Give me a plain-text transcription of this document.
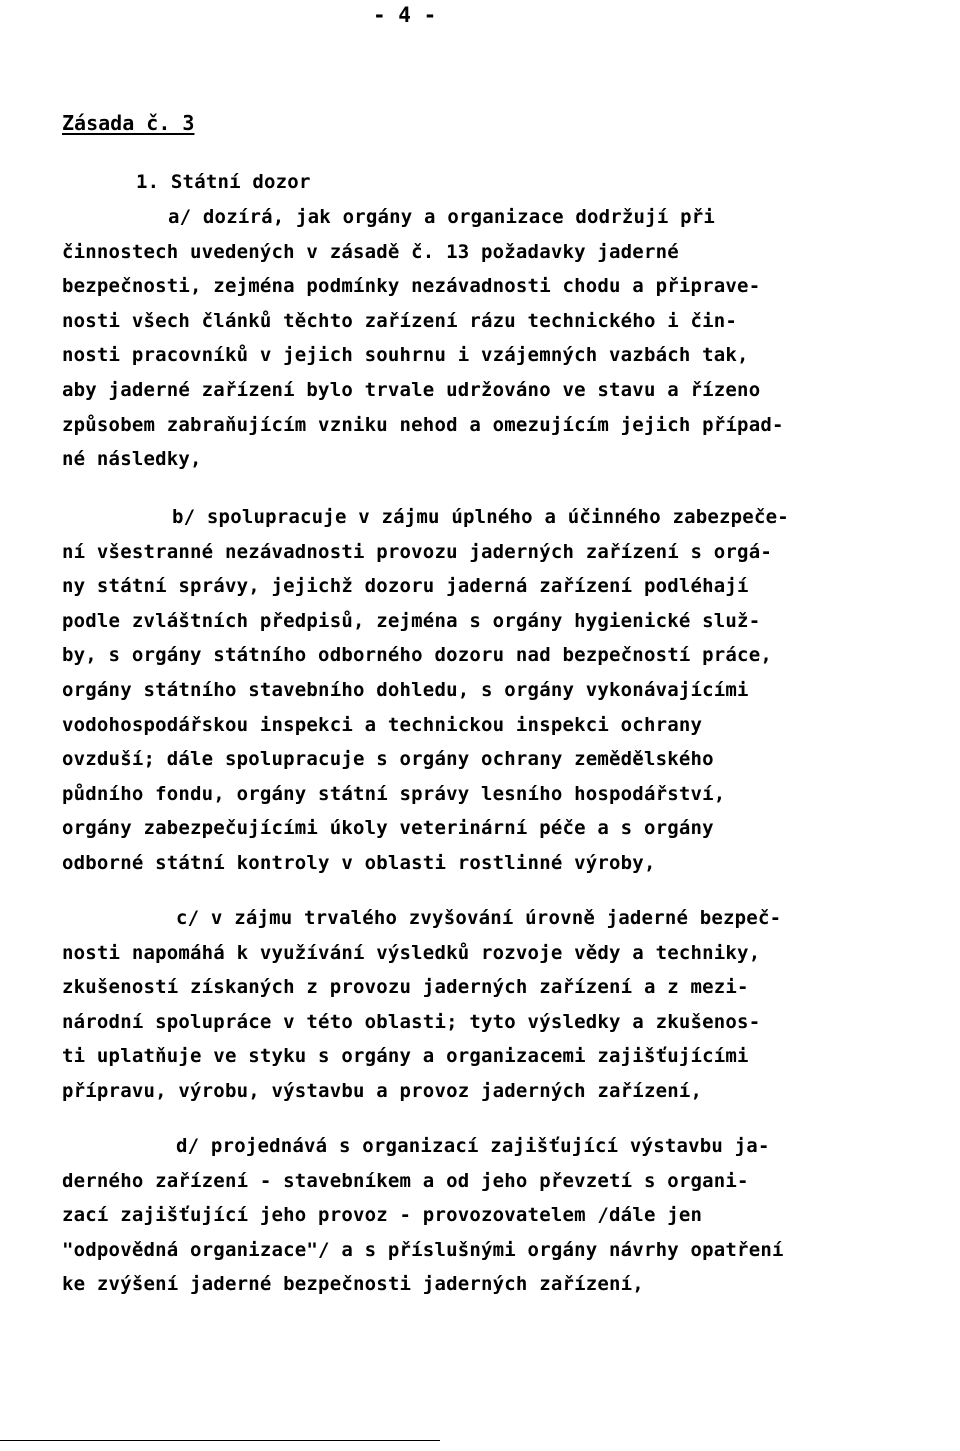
- 4 -
Zásada č. 3
1. Státní dozor
a/ dozírá, jak orgány a organizace dodržují při
činnostech uvedených v zásadě č. 13 požadavky jaderné
bezpečnosti, zejména podmínky nezávadnosti chodu a připrave-
nosti všech článků těchto zařízení rázu technického i čin-
nosti pracovníků v jejich souhrnu i vzájemných vazbách tak,
aby jaderné zařízení bylo trvale udržováno ve stavu a řízeno
způsobem zabraňujícím vzniku nehod a omezujícím jejich případ-
né následky,
b/ spolupracuje v zájmu úplného a účinného zabezpeče-
ní všestranné nezávadnosti provozu jaderných zařízení s orgá-
ny státní správy, jejichž dozoru jaderná zařízení podléhají
podle zvláštních předpisů, zejména s orgány hygienické služ-
by, s orgány státního odborného dozoru nad bezpečností práce,
orgány státního stavebního dohledu, s orgány vykonávajícími
vodohospodářskou inspekci a technickou inspekci ochrany
ovzduší; dále spolupracuje s orgány ochrany zemědělského
půdního fondu, orgány státní správy lesního hospodářství,
orgány zabezpečujícími úkoly veterinární péče a s orgány
odborné státní kontroly v oblasti rostlinné výroby,
c/ v zájmu trvalého zvyšování úrovně jaderné bezpeč-
nosti napomáhá k využívání výsledků rozvoje vědy a techniky,
zkušeností získaných z provozu jaderných zařízení a z mezi-
národní spolupráce v této oblasti; tyto výsledky a zkušenos-
ti uplatňuje ve styku s orgány a organizacemi zajišťujícími
přípravu, výrobu, výstavbu a provoz jaderných zařízení,
d/ projednává s organizací zajišťující výstavbu ja-
derného zařízení - stavebníkem a od jeho převzetí s organi-
zací zajišťující jeho provoz - provozovatelem /dále jen
"odpovědná organizace"/ a s příslušnými orgány návrhy opatření
ke zvýšení jaderné bezpečnosti jaderných zařízení,
